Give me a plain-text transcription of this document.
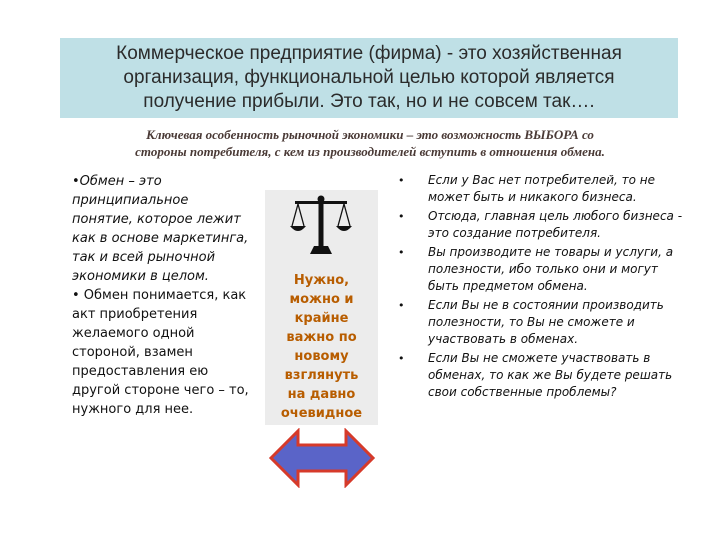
Коммерческое предприятие (фирма) - это хозяйственная
организация, функциональной целью которой является
получение прибыли. Это так, но и не совсем так….
Ключевая особенность рыночной экономики – это возможность ВЫБОРА со
стороны потребителя, с кем из производителей вступить в отношения обмена.

•Обмен – это принципиальное понятие, которое лежит как в основе маркетинга, так и всей рыночной экономики в целом.

• Обмен понимается, как акт приобретения желаемого одной стороной, взамен предоставления ею другой стороне чего – то, нужного для нее.

Нужно,
можно и
крайне
важно по
новому
взглянуть
на давно
очевидное
• Если у Вас нет потребителей, то не может быть и никакого бизнеса.
• Отсюда, главная цель любого бизнеса - это создание потребителя.
• Вы производите не товары и услуги, а полезности, ибо только они и могут быть предметом обмена.
• Если Вы не в состоянии производить полезности, то Вы не сможете и участвовать в обменах.
• Если Вы не сможете участвовать в обменах, то как же Вы будете решать свои собственные проблемы?
